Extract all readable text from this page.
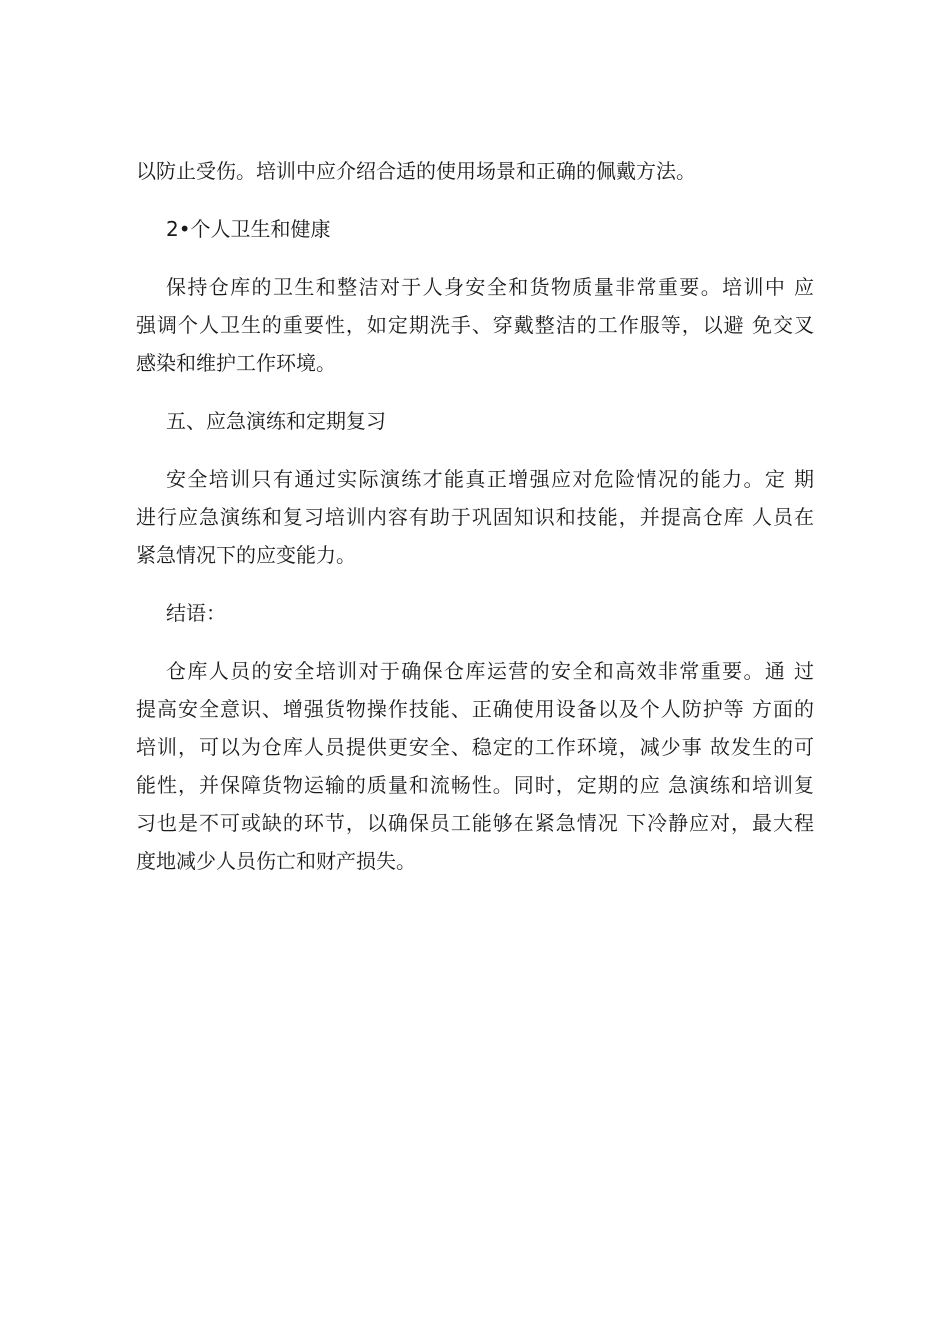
以防止受伤。培训中应介绍合适的使用场景和正确的佩戴方法。

2•个人卫生和健康

保持仓库的卫生和整洁对于人身安全和货物质量非常重要。培训中 应

强调个人卫生的重要性，如定期洗手、穿戴整洁的工作服等，以避 免交叉

感染和维护工作环境。

五、应急演练和定期复习

安全培训只有通过实际演练才能真正增强应对危险情况的能力。定 期

进行应急演练和复习培训内容有助于巩固知识和技能，并提高仓库 人员在

紧急情况下的应变能力。

结语：

仓库人员的安全培训对于确保仓库运营的安全和高效非常重要。通 过

提高安全意识、增强货物操作技能、正确使用设备以及个人防护等 方面的

培训，可以为仓库人员提供更安全、稳定的工作环境，减少事 故发生的可

能性，并保障货物运输的质量和流畅性。同时，定期的应 急演练和培训复

习也是不可或缺的环节，以确保员工能够在紧急情况 下冷静应对，最大程

度地减少人员伤亡和财产损失。
